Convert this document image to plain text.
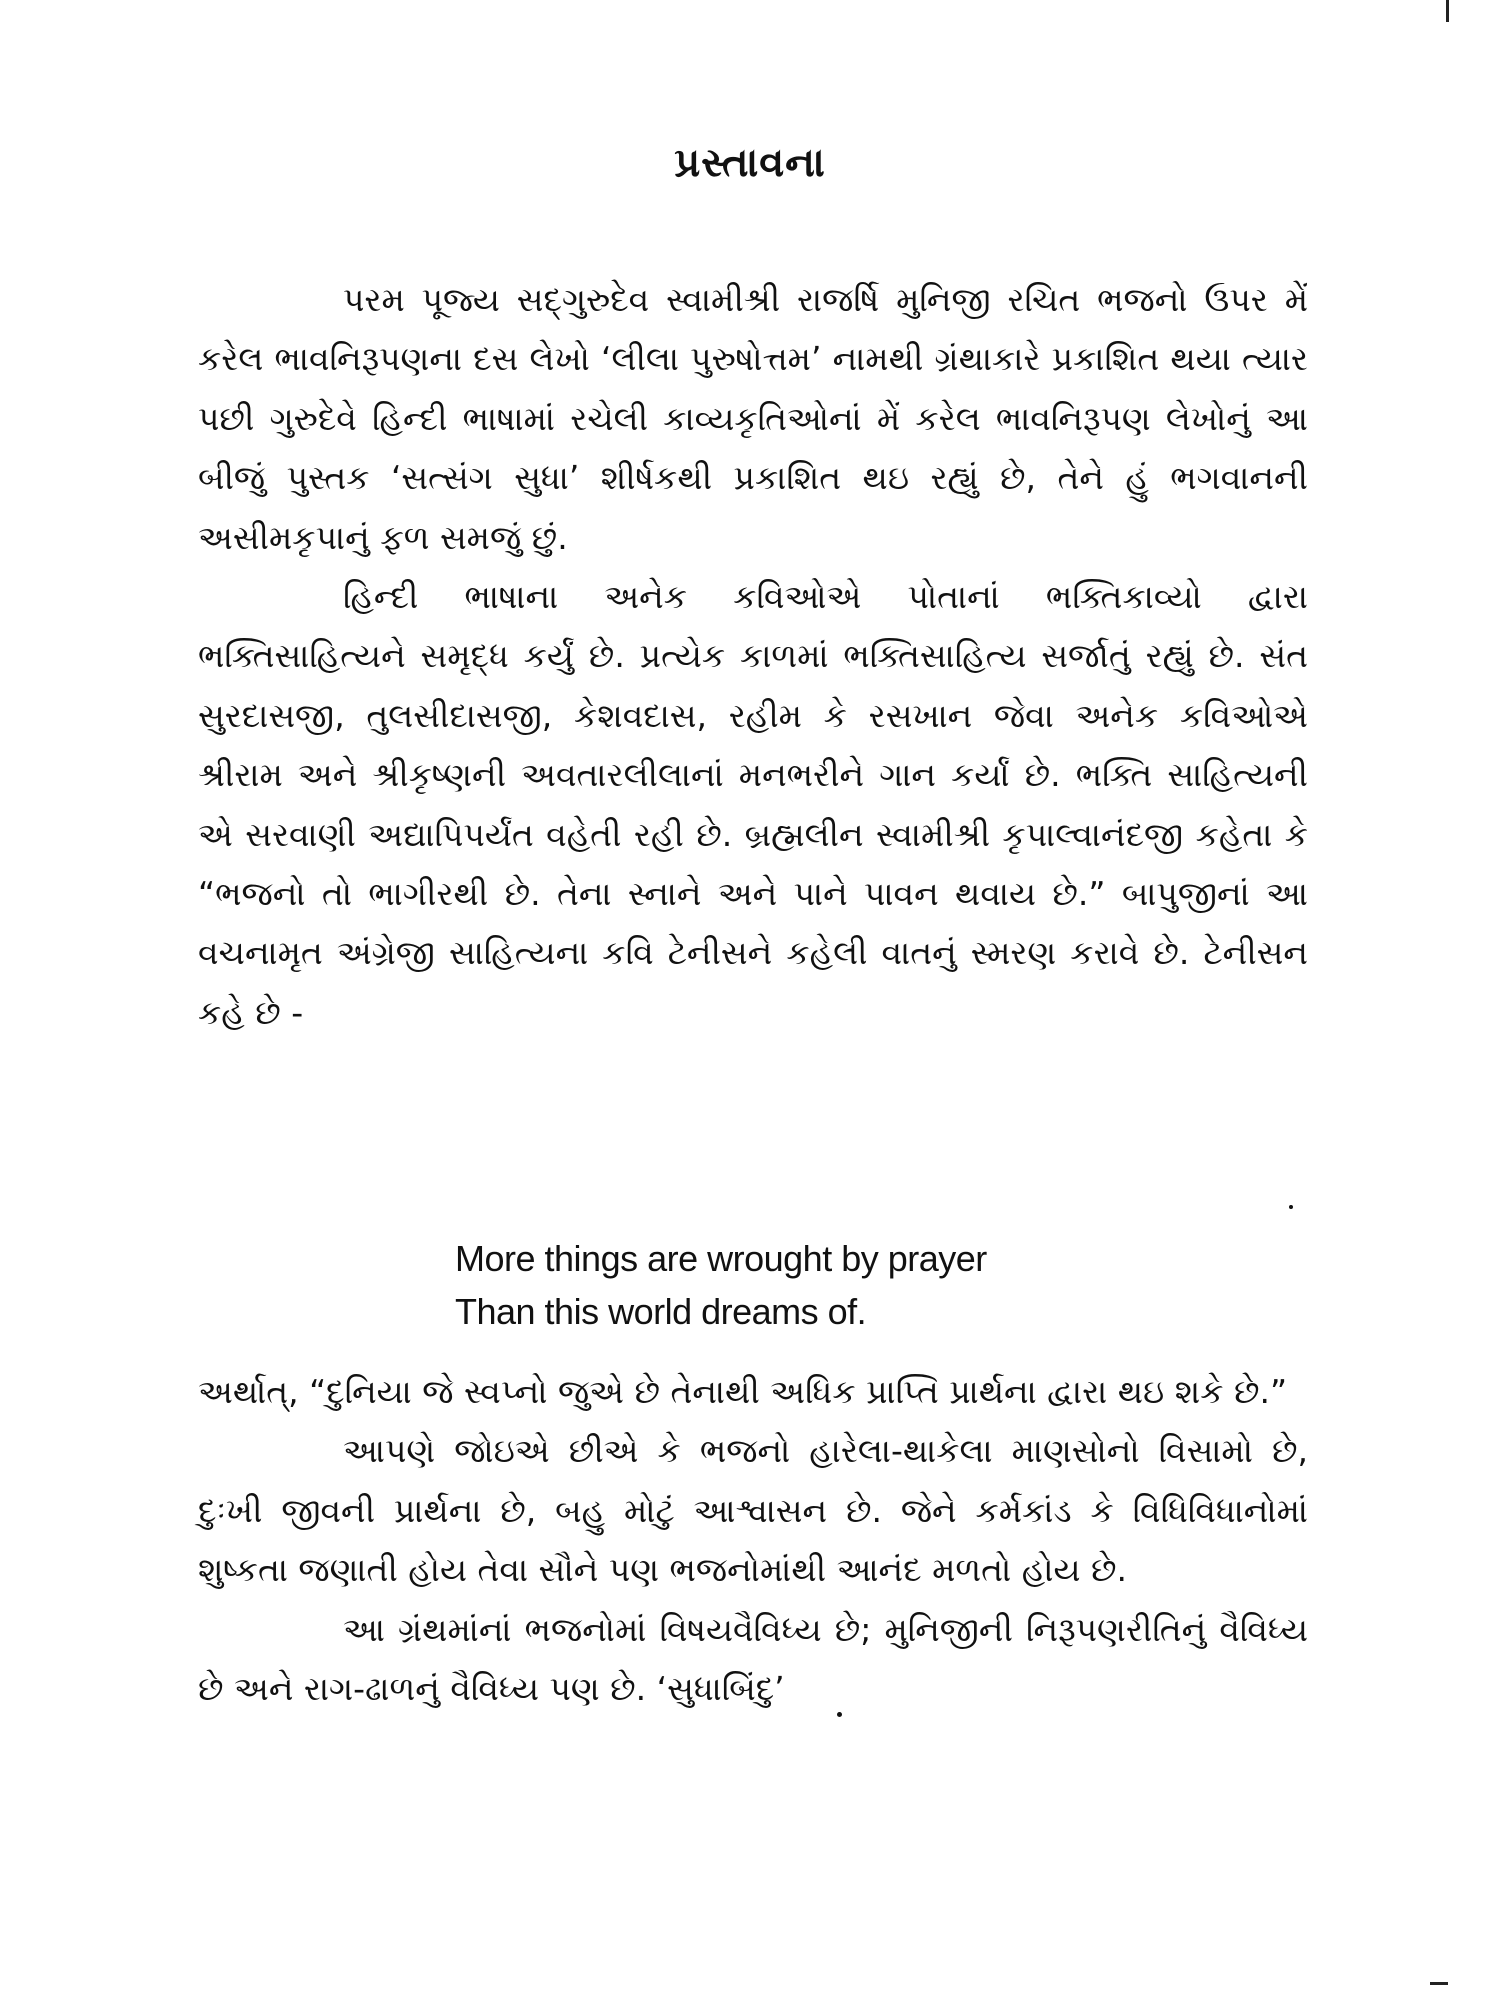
પ્રસ્તાવના

પરમ પૂજ્ય સદ્‌ગુરુદેવ સ્વામીશ્રી રાજર્ષિ મુનિજી રચિત ભજનો ઉપર મેં કરેલ ભાવનિરૂપણના દસ લેખો ‘લીલા પુરુષોત્તમ’ નામથી ગ્રંથાકારે પ્રકાશિત થયા ત્યાર પછી ગુરુદેવે હિન્દી ભાષામાં રચેલી કાવ્યકૃતિઓનાં મેં કરેલ ભાવનિરૂપણ લેખોનું આ બીજું પુસ્તક ‘સત્સંગ સુધા’ શીર્ષકથી પ્રકાશિત થઇ રહ્યું છે, તેને હું ભગવાનની અસીમકૃપાનું ફળ સમજું છું.

હિન્દી ભાષાના અનેક કવિઓએ પોતાનાં ભક્તિકાવ્યો દ્વારા ભક્તિસાહિત્યને સમૃદ્ધ કર્યું છે. પ્રત્યેક કાળમાં ભક્તિસાહિત્ય સર્જાતું રહ્યું છે. સંત સુરદાસજી, તુલસીદાસજી, કેશવદાસ, રહીમ કે રસખાન જેવા અનેક કવિઓએ શ્રીરામ અને શ્રીકૃષ્ણની અવતારલીલાનાં મનભરીને ગાન કર્યાં છે. ભક્તિ સાહિત્યની એ સરવાણી અદ્યાપિપર્યંત વહેતી રહી છે. બ્રહ્મલીન સ્વામીશ્રી કૃપાલ્વાનંદજી કહેતા કે “ભજનો તો ભાગીરથી છે. તેના સ્નાને અને પાને પાવન થવાય છે.” બાપુજીનાં આ વચનામૃત અંગ્રેજી સાહિત્યના કવિ ટેનીસને કહેલી વાતનું સ્મરણ કરાવે છે. ટેનીસન કહે છે -

More things are wrought by prayer
Than this world dreams of.

અર્થાત્, “દુનિયા જે સ્વપ્નો જુએ છે તેનાથી અધિક પ્રાપ્તિ પ્રાર્થના દ્વારા થઇ શકે છે.”

આપણે જોઇએ છીએ કે ભજનો હારેલા-થાકેલા માણસોનો વિસામો છે, દુઃખી જીવની પ્રાર્થના છે, બહુ મોટું આશ્વાસન છે. જેને કર્મકાંડ કે વિધિવિધાનોમાં શુષ્કતા જણાતી હોય તેવા સૌને પણ ભજનોમાંથી આનંદ મળતો હોય છે.

આ ગ્રંથમાંનાં ભજનોમાં વિષયવૈવિધ્ય છે; મુનિજીની નિરૂપણરીતિનું વૈવિધ્ય છે અને રાગ-ઢાળનું વૈવિધ્ય પણ છે. ‘સુધાબિંદુ’
